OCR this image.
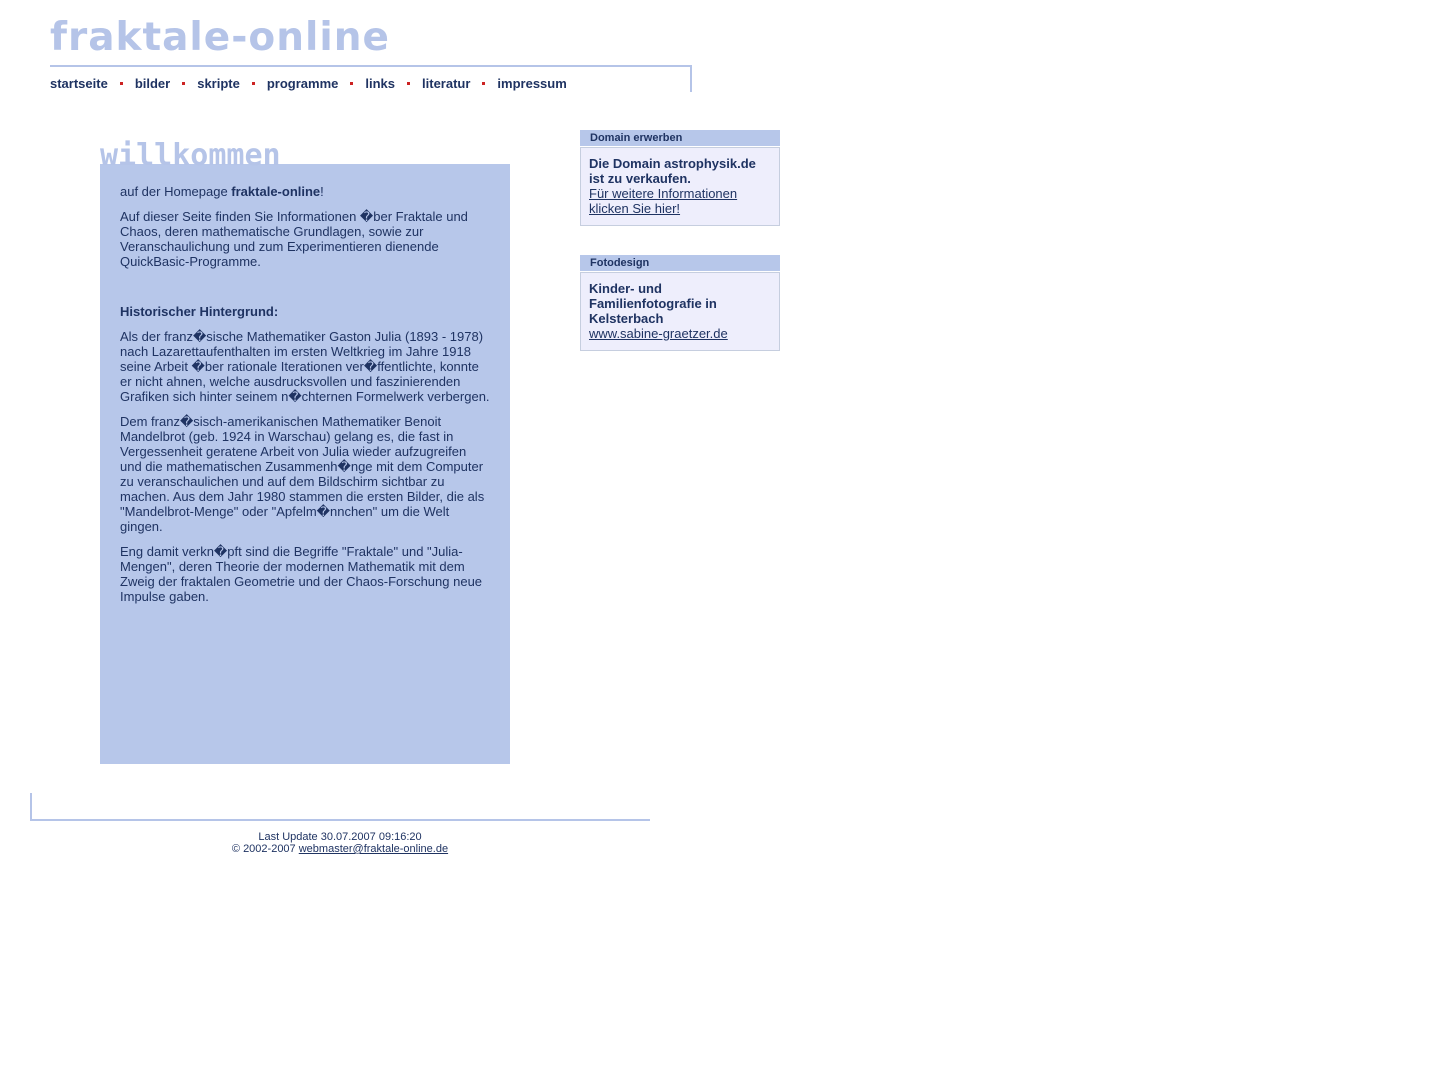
fraktale-online
startseite bilder skripte programme links literatur impressum
willkommen

auf der Homepage fraktale-online!

Auf dieser Seite finden Sie Informationen �ber Fraktale und Chaos, deren mathematische Grundlagen, sowie zur Veranschaulichung und zum Experimentieren dienende QuickBasic-Programme.

Historischer Hintergrund:

Als der franz�sische Mathematiker Gaston Julia (1893 - 1978) nach Lazarettaufenthalten im ersten Weltkrieg im Jahre 1918 seine Arbeit �ber rationale Iterationen ver�ffentlichte, konnte er nicht ahnen, welche ausdrucksvollen und faszinierenden Grafiken sich hinter seinem n�chternen Formelwerk verbergen.

Dem franz�sisch-amerikanischen Mathematiker Benoit Mandelbrot (geb. 1924 in Warschau) gelang es, die fast in Vergessenheit geratene Arbeit von Julia wieder aufzugreifen und die mathematischen Zusammenh�nge mit dem Computer zu veranschaulichen und auf dem Bildschirm sichtbar zu machen. Aus dem Jahr 1980 stammen die ersten Bilder, die als "Mandelbrot-Menge" oder "Apfelm�nnchen" um die Welt gingen.

Eng damit verkn�pft sind die Begriffe "Fraktale" und "Julia-Mengen", deren Theorie der modernen Mathematik mit dem Zweig der fraktalen Geometrie und der Chaos-Forschung neue Impulse gaben.

Domain erwerben
Die Domain astrophysik.de ist zu verkaufen.
Für weitere Informationen klicken Sie hier!
Fotodesign
Kinder- und Familienfotografie in Kelsterbach
www.sabine-graetzer.de
Last Update 30.07.2007 09:16:20
© 2002-2007 webmaster@fraktale-online.de
